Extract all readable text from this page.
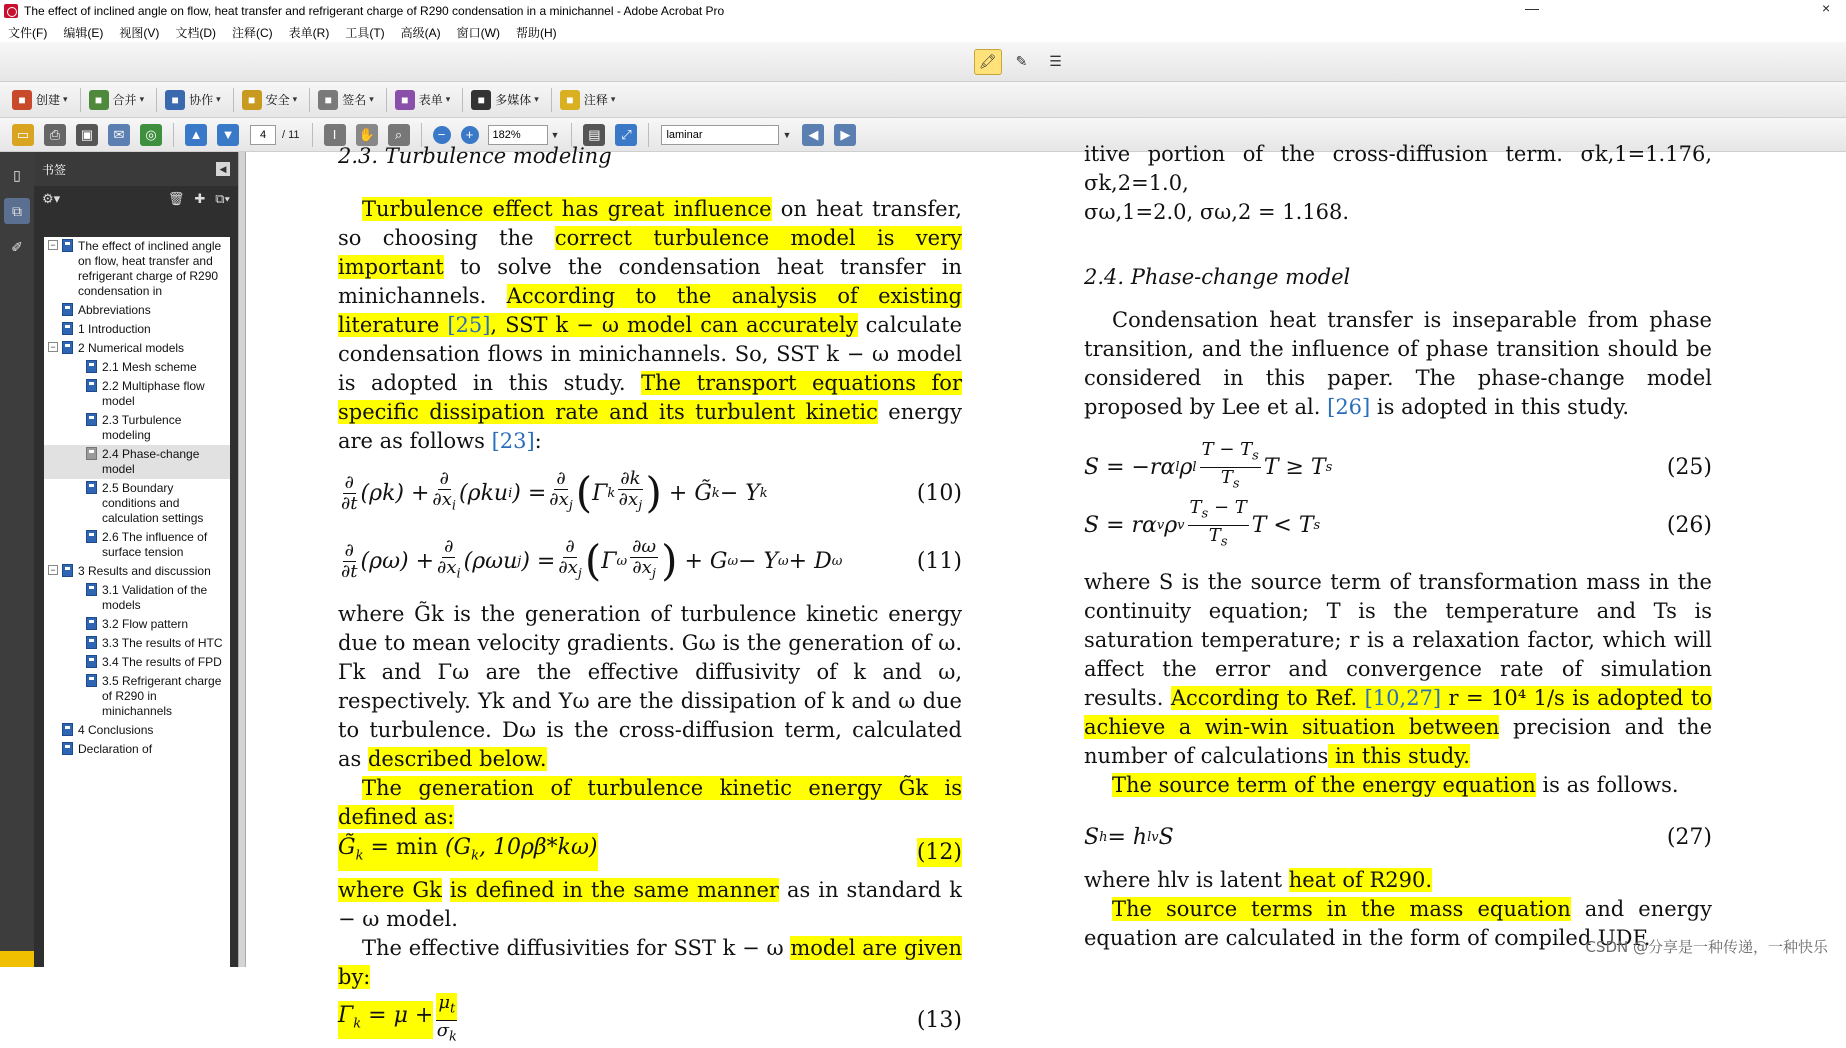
The effect of inclined angle on flow, heat transfer and refrigerant charge of R290 condensation in a minichannel - Adobe Acrobat Pro	—	×
文件(F)	编辑(E)	视图(V)	文档(D)	注释(C)	表单(R)	工具(T)	高级(A)	窗口(W)	帮助(H)
🖍	✎	☰
■ 创建 ▾	■ 合并 ▾	■ 协作 ▾	■ 安全 ▾	■ 签名 ▾	■ 表单 ▾	■ 多媒体 ▾	■ 注释 ▾
▭	⎙	▣	✉	◎	▲	▼	4	/ 11	I	✋	⌕	−	+	182%	▼	▤	⤢	laminar	▼	◀	▶
▯
⧉
✐
书签	◀
⚙▾	🗑 ✚ ⧉▾
− The effect of inclined angle on flow, heat transfer and refrigerant charge of R290 condensation in
Abbreviations
1 Introduction
− 2 Numerical models
2.1 Mesh scheme
2.2 Multiphase flow model
2.3 Turbulence modeling
2.4 Phase-change model
2.5 Boundary conditions and calculation settings
2.6 The influence of surface tension
− 3 Results and discussion
3.1 Validation of the models
3.2 Flow pattern
3.3 The results of HTC
3.4 The results of FPD
3.5 Refrigerant charge of R290 in minichannels
4 Conclusions
Declaration of
2.3. Turbulence modeling
Turbulence effect has great influence on heat transfer, so choosing the correct turbulence model is very important to solve the condensation heat transfer in minichannels. According to the analysis of existing literature [25], SST k − ω model can accurately calculate condensation flows in minichannels. So, SST k − ω model is adopted in this study. The transport equations for specific dissipation rate and its turbulent kinetic energy are as follows [23]:
$\frac{\partial}{\partial t} (\rho k) + \frac{\partial}{\partial x_i} (\rho ku$ i ) = $\frac{\partial}{\partial x_j}$ ( Γ k $\frac{\partial k}{\partial x_j}$ ) + G̃ k − Y k	(10)
$\frac{\partial}{\partial t} (\rho\omega) + \frac{\partial}{\partial x_i} (\rho\omega u$ j ) = $\frac{\partial}{\partial x_j}$ ( Γ ω $\frac{\partial\omega}{\partial x_j}$ ) + G ω − Y ω + D ω	(11)
where G̃k is the generation of turbulence kinetic energy due to mean velocity gradients. Gω is the generation of ω. Γk and Γω are the effective diffusivity of k and ω, respectively. Yk and Yω are the dissipation of k and ω due to turbulence. Dω is the cross-diffusion term, calculated as described below.
The generation of turbulence kinetic energy G̃k is defined as:
$G̃_k = \min (G_k$, 10ρβ*kω)	(12)
where Gk is defined in the same manner as in standard k − ω model.
The effective diffusivities for SST k − ω model are given by:
$\Gamma_k = \mu + \frac{\mu_t}{\sigma_k}$	(13)
itive portion of the cross-diffusion term. σk,1=1.176, σk,2=1.0,
σω,1=2.0, σω,2 = 1.168.
2.4. Phase-change model
Condensation heat transfer is inseparable from phase transition, and the influence of phase transition should be considered in this paper. The phase-change model proposed by Lee et al. [26] is adopted in this study.
S = −rα l ρ l $\frac{T - T_s}{T_s}$ T ≥ T s	(25)
S = rα v ρ v $\frac{T_s - T}{T_s}$ T < T s	(26)
where S is the source term of transformation mass in the continuity equation; T is the temperature and Ts is saturation temperature; r is a relaxation factor, which will affect the error and convergence rate of simulation results. According to Ref. [10,27] r = 10⁴ 1/s is adopted to achieve a win-win situation between precision and the number of calculations in this study.
The source term of the energy equation is as follows.
S h = h lv S	(27)
where hlv is latent heat of R290.
The source terms in the mass equation and energy equation are calculated in the form of compiled UDF.
CSDN @分享是一种传递，一种快乐
